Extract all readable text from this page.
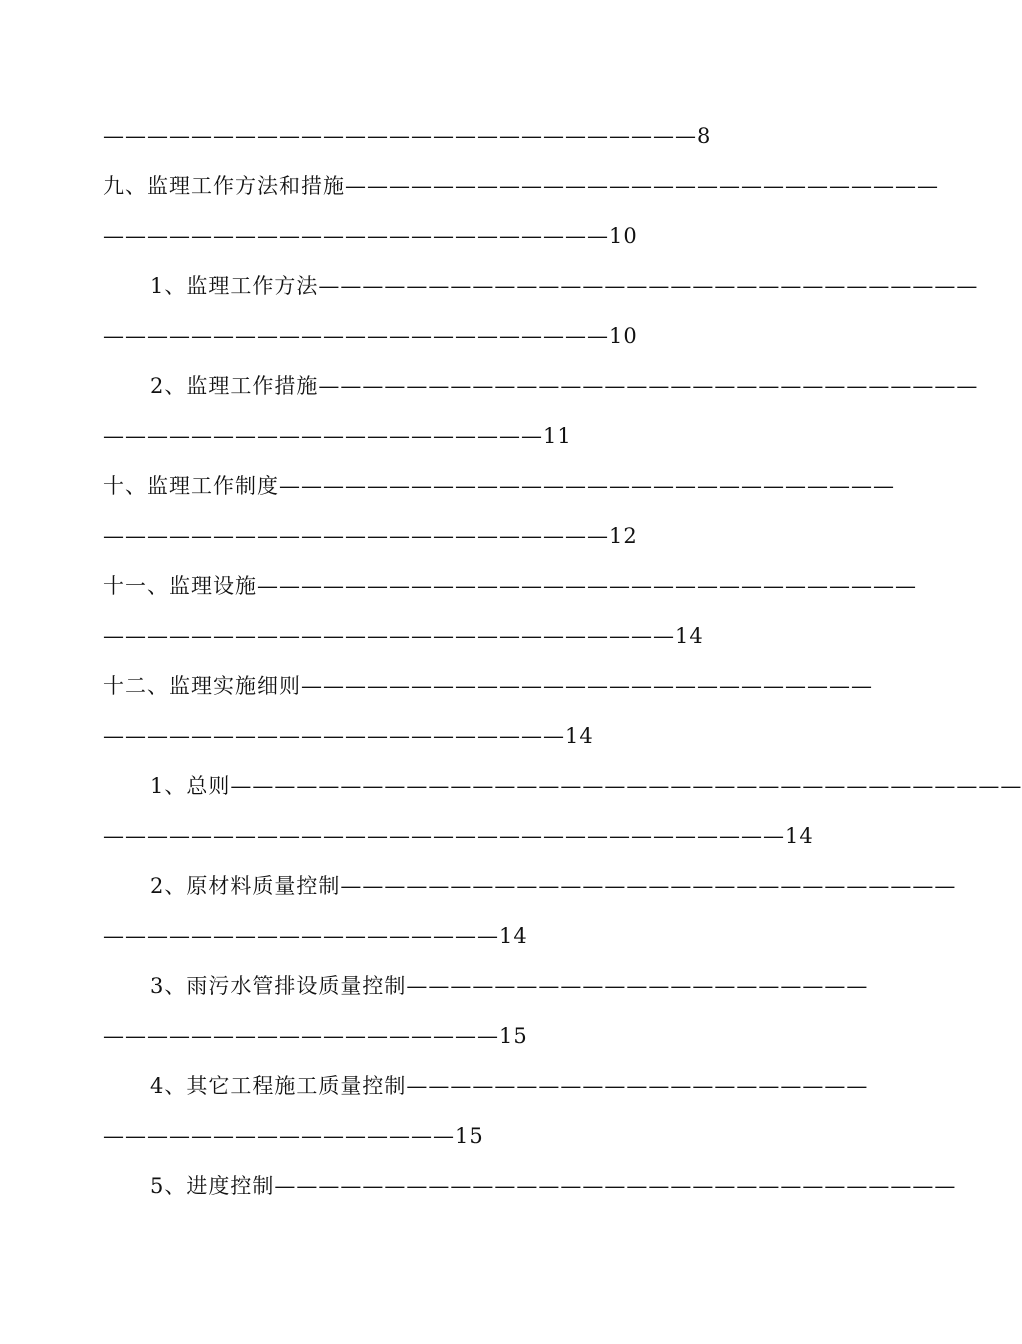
———————————————————————————8
九、监理工作方法和措施———————————————————————————
———————————————————————10
1、监理工作方法——————————————————————————————
———————————————————————10
2、监理工作措施——————————————————————————————
————————————————————11
十、监理工作制度————————————————————————————
———————————————————————12
十一、监理设施——————————————————————————————
——————————————————————————14
十二、监理实施细则——————————————————————————
—————————————————————14
1、总则————————————————————————————————————
———————————————————————————————14
2、原材料质量控制————————————————————————————
——————————————————14
3、雨污水管排设质量控制—————————————————————
——————————————————15
4、其它工程施工质量控制—————————————————————
————————————————15
5、进度控制———————————————————————————————
